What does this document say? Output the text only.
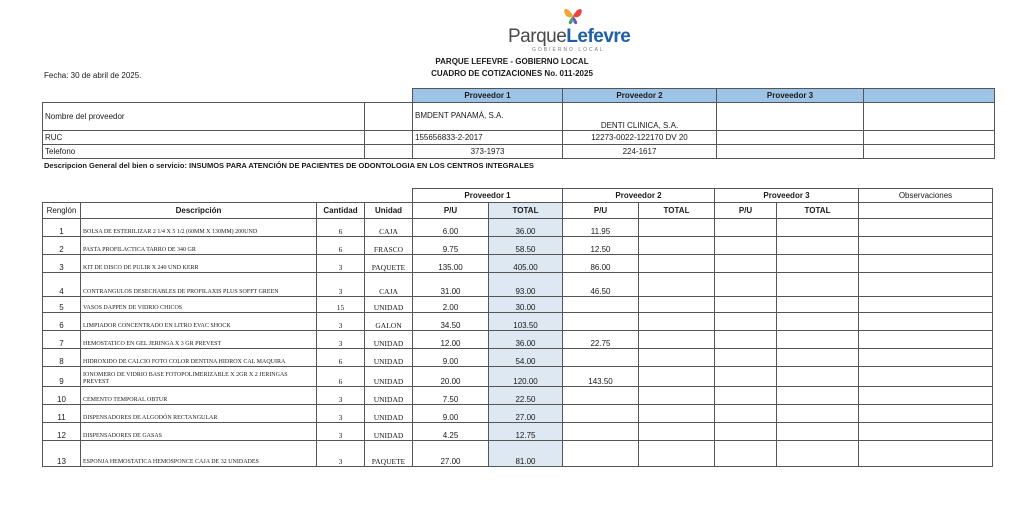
ParqueLefevre
GOBIERNO LOCAL
PARQUE LEFEVRE - GOBIERNO LOCAL
CUADRO DE COTIZACIONES No. 011-2025
Fecha: 30 de abril de 2025.
		Proveedor 1	Proveedor 2	Proveedor 3	
Nombre del proveedor		BMDENT PANAMÁ, S.A.	DENTI CLINICA, S.A.		
RUC		155656833-2-2017	12273-0022-122170 DV 20		
Telefono		373-1973	224-1617		
Descripcion General del bien o servicio: INSUMOS PARA ATENCIÓN DE PACIENTES DE ODONTOLOGIA EN LOS CENTROS INTEGRALES
				Proveedor 1		Proveedor 2		Proveedor 3		Observaciones
Renglón	Descripción	Cantidad	Unidad	P/U	TOTAL	P/U	TOTAL	P/U	TOTAL	
1	BOLSA DE ESTERILIZAR 2 1/4 X 5 1/2 (60MM X 130MM) 200UND	6	CAJA	6.00	36.00	11.95				
2	PASTA PROFILACTICA TARRO DE 340 GR	6	FRASCO	9.75	58.50	12.50				
3	KIT DE DISCO DE PULIR X 240 UND KERR	3	PAQUETE	135.00	405.00	86.00				
4	CONTRANGULOS DESECHABLES DE PROFILAXIS PLUS SOFFT GREEN	3	CAJA	31.00	93.00	46.50				
5	VASOS DAPPEN DE VIDRIO CHICOS	15	UNIDAD	2.00	30.00					
6	LIMPIADOR CONCENTRADO EN LITRO EVAC SHOCK	3	GALON	34.50	103.50					
7	HEMOSTATICO EN GEL JERINGA X 3 GR PREVEST	3	UNIDAD	12.00	36.00	22.75				
8	HIDROXIDO DE CALCIO FOTO COLOR DENTINA HIDROX CAL MAQUIRA	6	UNIDAD	9.00	54.00					
9	IONOMERO DE VIDRIO BASE FOTOPOLIMERIZABLE X 2GR X 2 JERINGAS PREVEST	6	UNIDAD	20.00	120.00	143.50				
10	CEMENTO TEMPORAL OBTUR	3	UNIDAD	7.50	22.50					
11	DISPENSADORES DE ALGODÓN RECTANGULAR	3	UNIDAD	9.00	27.00					
12	DISPENSADORES DE GASAS	3	UNIDAD	4.25	12.75					
13	ESPONJA HEMOSTATICA HEMOSPONCE CAJA DE 32 UNIDADES	3	PAQUETE	27.00	81.00					
